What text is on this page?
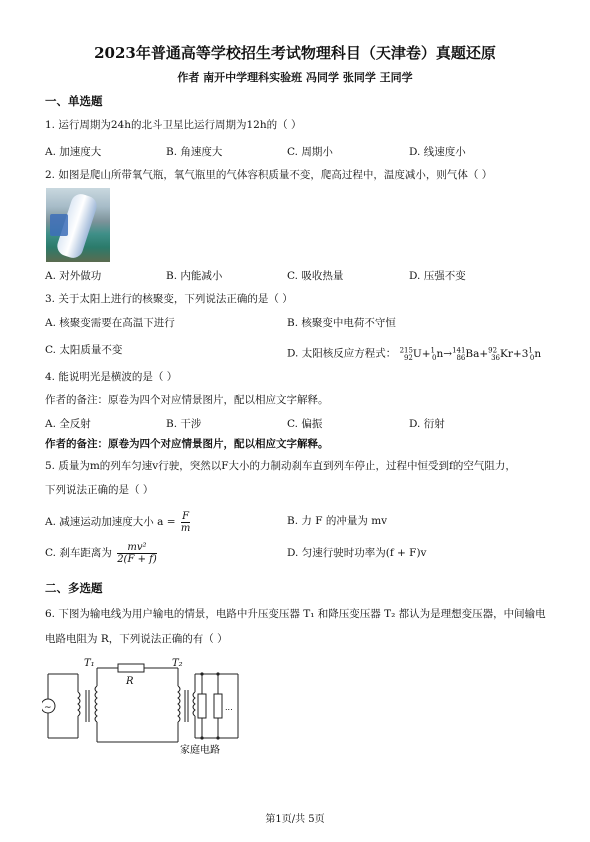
2023年普通高等学校招生考试物理科目（天津卷）真题还原
作者 南开中学理科实验班 冯同学 张同学 王同学
一、单选题
1. 运行周期为24h的北斗卫星比运行周期为12h的（ ）
A. 加速度大	B. 角速度大	C. 周期小	D. 线速度小
2. 如图是爬山所带氧气瓶，氧气瓶里的气体容积质量不变，爬高过程中，温度减小，则气体（ ）
A. 对外做功	B. 内能减小	C. 吸收热量	D. 压强不变
3. 关于太阳上进行的核聚变，下列说法正确的是（ ）
A. 核聚变需要在高温下进行	B. 核聚变中电荷不守恒
C. 太阳质量不变	D. 太阳核反应方程式： $^{215}_{92}U+^1_0n\to^{141}_{86}Ba+^{92}_{36}Kr+3^1_0n$
4. 能说明光是横波的是（ ）
作者的备注：原卷为四个对应情景图片，配以相应文字解释。
A. 全反射	B. 干涉	C. 偏振	D. 衍射
作者的备注：原卷为四个对应情景图片，配以相应文字解释。
5. 质量为m的列车匀速v行驶，突然以F大小的力制动刹车直到列车停止，过程中恒受到f的空气阻力，
下列说法正确的是（ ）
A. 减速运动加速度大小 $a = \frac{F}{m}$	B. 力 F 的冲量为 mv
C. 刹车距离为 $\frac{\text{mv²}}{2(F + f)}$	D. 匀速行驶时功率为(f + F)v
二、多选题
6. 下图为输电线为用户输电的情景，电路中升压变压器 T₁ 和降压变压器 T₂ 都认为是理想变压器，中间输电
电路电阻为 R，下列说法正确的有（ ）
T₁
R
T₂
~	...
家庭电路
第1页/共 5页
